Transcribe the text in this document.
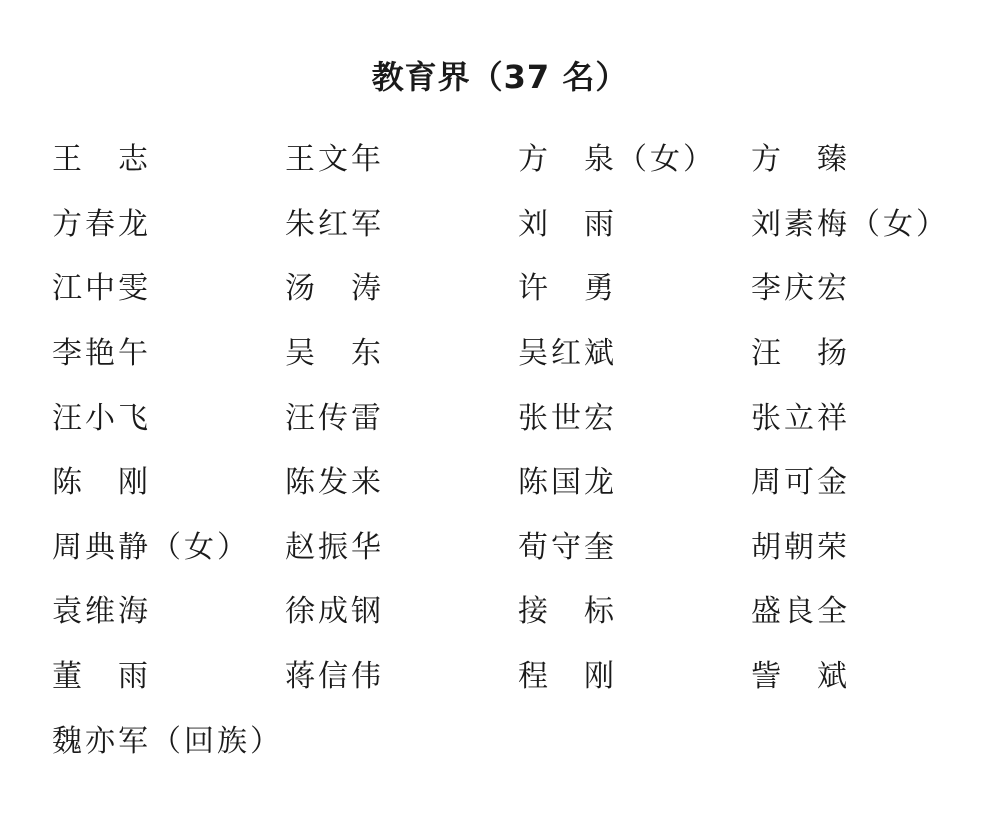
教育界（37 名）
王　志	王文年	方　泉（女）	方　臻
方春龙	朱红军	刘　雨	刘素梅（女）
江中雯	汤　涛	许　勇	李庆宏
李艳午	吴　东	吴红斌	汪　扬
汪小飞	汪传雷	张世宏	张立祥
陈　刚	陈发来	陈国龙	周可金
周典静（女）	赵振华	荀守奎	胡朝荣
袁维海	徐成钢	接　标	盛良全
董　雨	蒋信伟	程　刚	訾　斌
魏亦军（回族）
